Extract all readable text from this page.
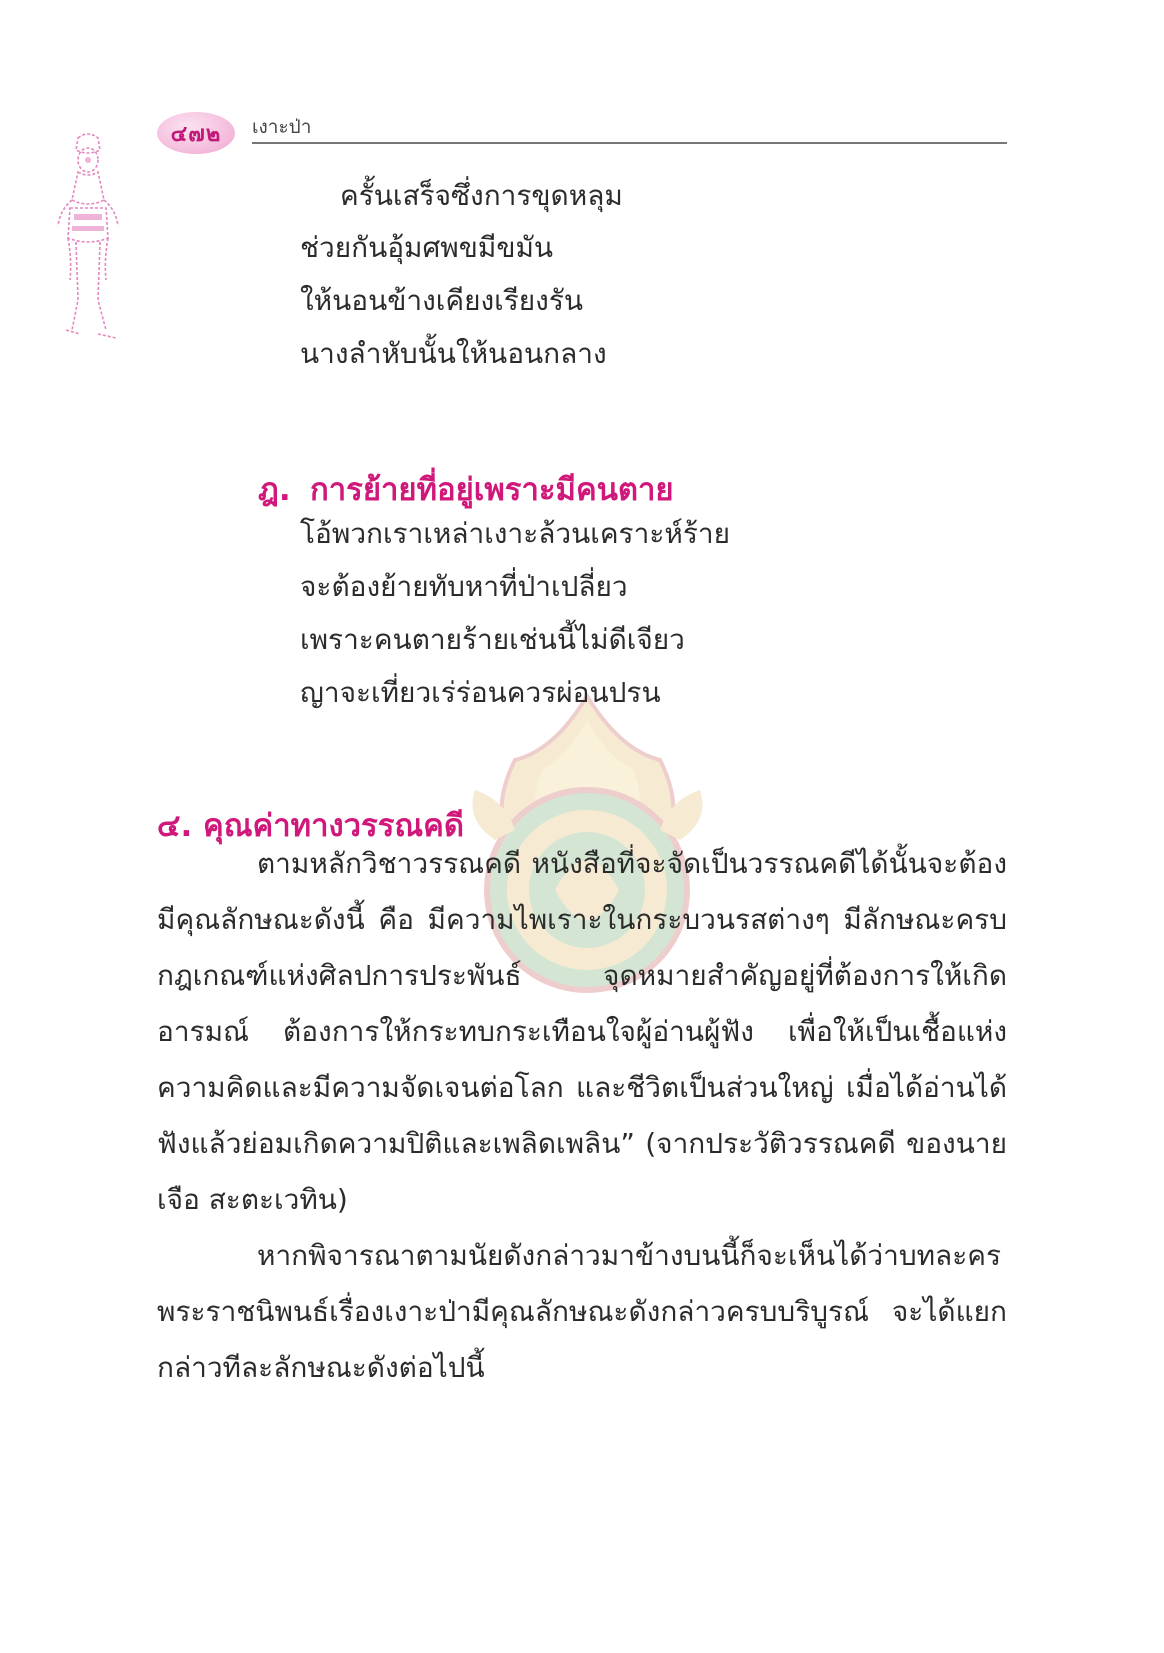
๔๗๒ เงาะป่า
ครั้นเสร็จซึ่งการขุดหลุม
ช่วยกันอุ้มศพขมีขมัน
ให้นอนข้างเคียงเรียงรัน
นางลำหับนั้นให้นอนกลาง
ฎ. การย้ายที่อยู่เพราะมีคนตาย
โอ้พวกเราเหล่าเงาะล้วนเคราะห์ร้าย
จะต้องย้ายทับหาที่ป่าเปลี่ยว
เพราะคนตายร้ายเช่นนี้ไม่ดีเจียว
ญาจะเที่ยวเร่ร่อนควรผ่อนปรน
๔. คุณค่าทางวรรณคดี
ตามหลักวิชาวรรณคดี หนังสือที่จะจัดเป็นวรรณคดีได้นั้นจะต้อง
มีคุณลักษณะดังนี้ คือ มีความไพเราะในกระบวนรสต่างๆ มีลักษณะครบ
กฎเกณฑ์แห่งศิลปการประพันธ์ จุดหมายสำคัญอยู่ที่ต้องการให้เกิด
อารมณ์ ต้องการให้กระทบกระเทือนใจผู้อ่านผู้ฟัง เพื่อให้เป็นเชื้อแห่ง
ความคิดและมีความจัดเจนต่อโลก และชีวิตเป็นส่วนใหญ่ เมื่อได้อ่านได้
ฟังแล้วย่อมเกิดความปิติและเพลิดเพลิน” (จากประวัติวรรณคดี ของนาย
เจือ สะตะเวทิน)
หากพิจารณาตามนัยดังกล่าวมาข้างบนนี้ก็จะเห็นได้ว่าบทละคร
พระราชนิพนธ์เรื่องเงาะป่ามีคุณลักษณะดังกล่าวครบบริบูรณ์ จะได้แยก
กล่าวทีละลักษณะดังต่อไปนี้
